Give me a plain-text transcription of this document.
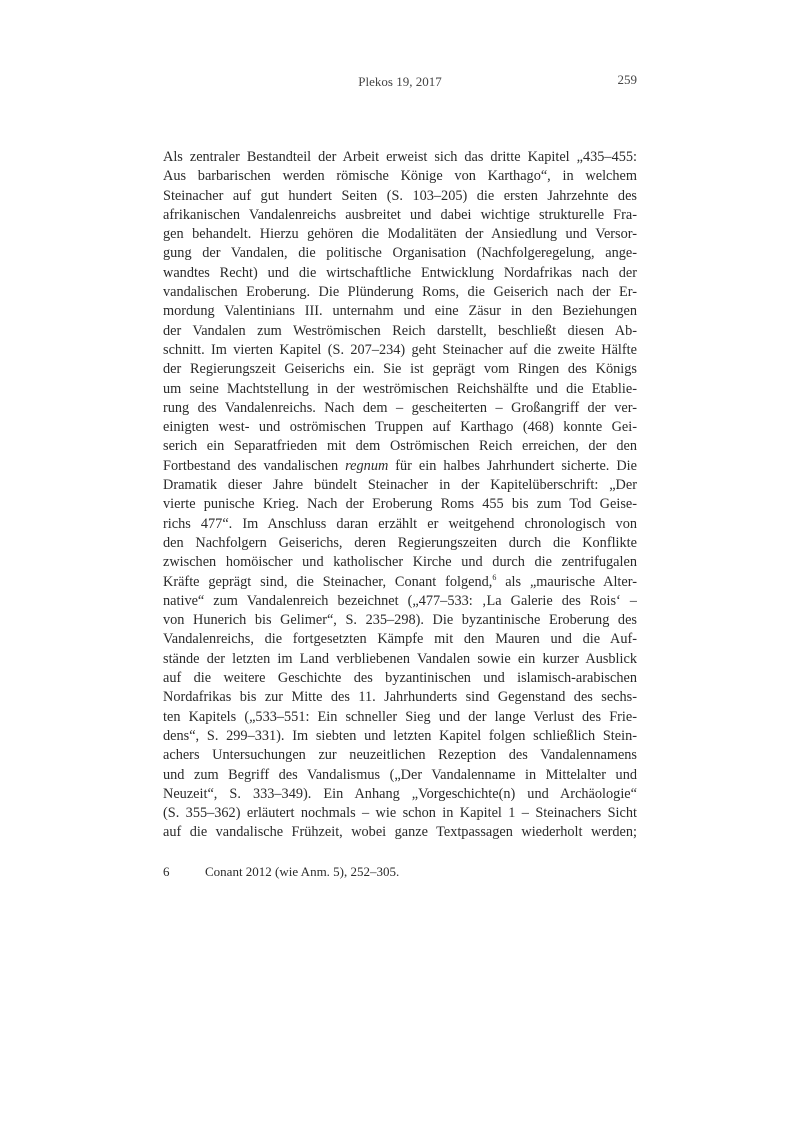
Plekos 19, 2017	259
Als zentraler Bestandteil der Arbeit erweist sich das dritte Kapitel „435–455:
Aus barbarischen werden römische Könige von Karthago“, in welchem
Steinacher auf gut hundert Seiten (S. 103–205) die ersten Jahrzehnte des
afrikanischen Vandalenreichs ausbreitet und dabei wichtige strukturelle Fra-
gen behandelt. Hierzu gehören die Modalitäten der Ansiedlung und Versor-
gung der Vandalen, die politische Organisation (Nachfolgeregelung, ange-
wandtes Recht) und die wirtschaftliche Entwicklung Nordafrikas nach der
vandalischen Eroberung. Die Plünderung Roms, die Geiserich nach der Er-
mordung Valentinians III. unternahm und eine Zäsur in den Beziehungen
der Vandalen zum Weströmischen Reich darstellt, beschließt diesen Ab-
schnitt. Im vierten Kapitel (S. 207–234) geht Steinacher auf die zweite Hälfte
der Regierungszeit Geiserichs ein. Sie ist geprägt vom Ringen des Königs
um seine Machtstellung in der weströmischen Reichshälfte und die Etablie-
rung des Vandalenreichs. Nach dem – gescheiterten – Großangriff der ver-
einigten west- und oströmischen Truppen auf Karthago (468) konnte Gei-
serich ein Separatfrieden mit dem Oströmischen Reich erreichen, der den
Fortbestand des vandalischen regnum für ein halbes Jahrhundert sicherte. Die
Dramatik dieser Jahre bündelt Steinacher in der Kapitelüberschrift: „Der
vierte punische Krieg. Nach der Eroberung Roms 455 bis zum Tod Geise-
richs 477“. Im Anschluss daran erzählt er weitgehend chronologisch von
den Nachfolgern Geiserichs, deren Regierungszeiten durch die Konflikte
zwischen homöischer und katholischer Kirche und durch die zentrifugalen
Kräfte geprägt sind, die Steinacher, Conant folgend,$^6$ als „maurische Alter-
native“ zum Vandalenreich bezeichnet („477–533: ‚La Galerie des Rois‘ –
von Hunerich bis Gelimer“, S. 235–298). Die byzantinische Eroberung des
Vandalenreichs, die fortgesetzten Kämpfe mit den Mauren und die Auf-
stände der letzten im Land verbliebenen Vandalen sowie ein kurzer Ausblick
auf die weitere Geschichte des byzantinischen und islamisch-arabischen
Nordafrikas bis zur Mitte des 11. Jahrhunderts sind Gegenstand des sechs-
ten Kapitels („533–551: Ein schneller Sieg und der lange Verlust des Frie-
dens“, S. 299–331). Im siebten und letzten Kapitel folgen schließlich Stein-
achers Untersuchungen zur neuzeitlichen Rezeption des Vandalennamens
und zum Begriff des Vandalismus („Der Vandalenname in Mittelalter und
Neuzeit“, S. 333–349). Ein Anhang „Vorgeschichte(n) und Archäologie“
(S. 355–362) erläutert nochmals – wie schon in Kapitel 1 – Steinachers Sicht
auf die vandalische Frühzeit, wobei ganze Textpassagen wiederholt werden;
6	Conant 2012 (wie Anm. 5), 252–305.
